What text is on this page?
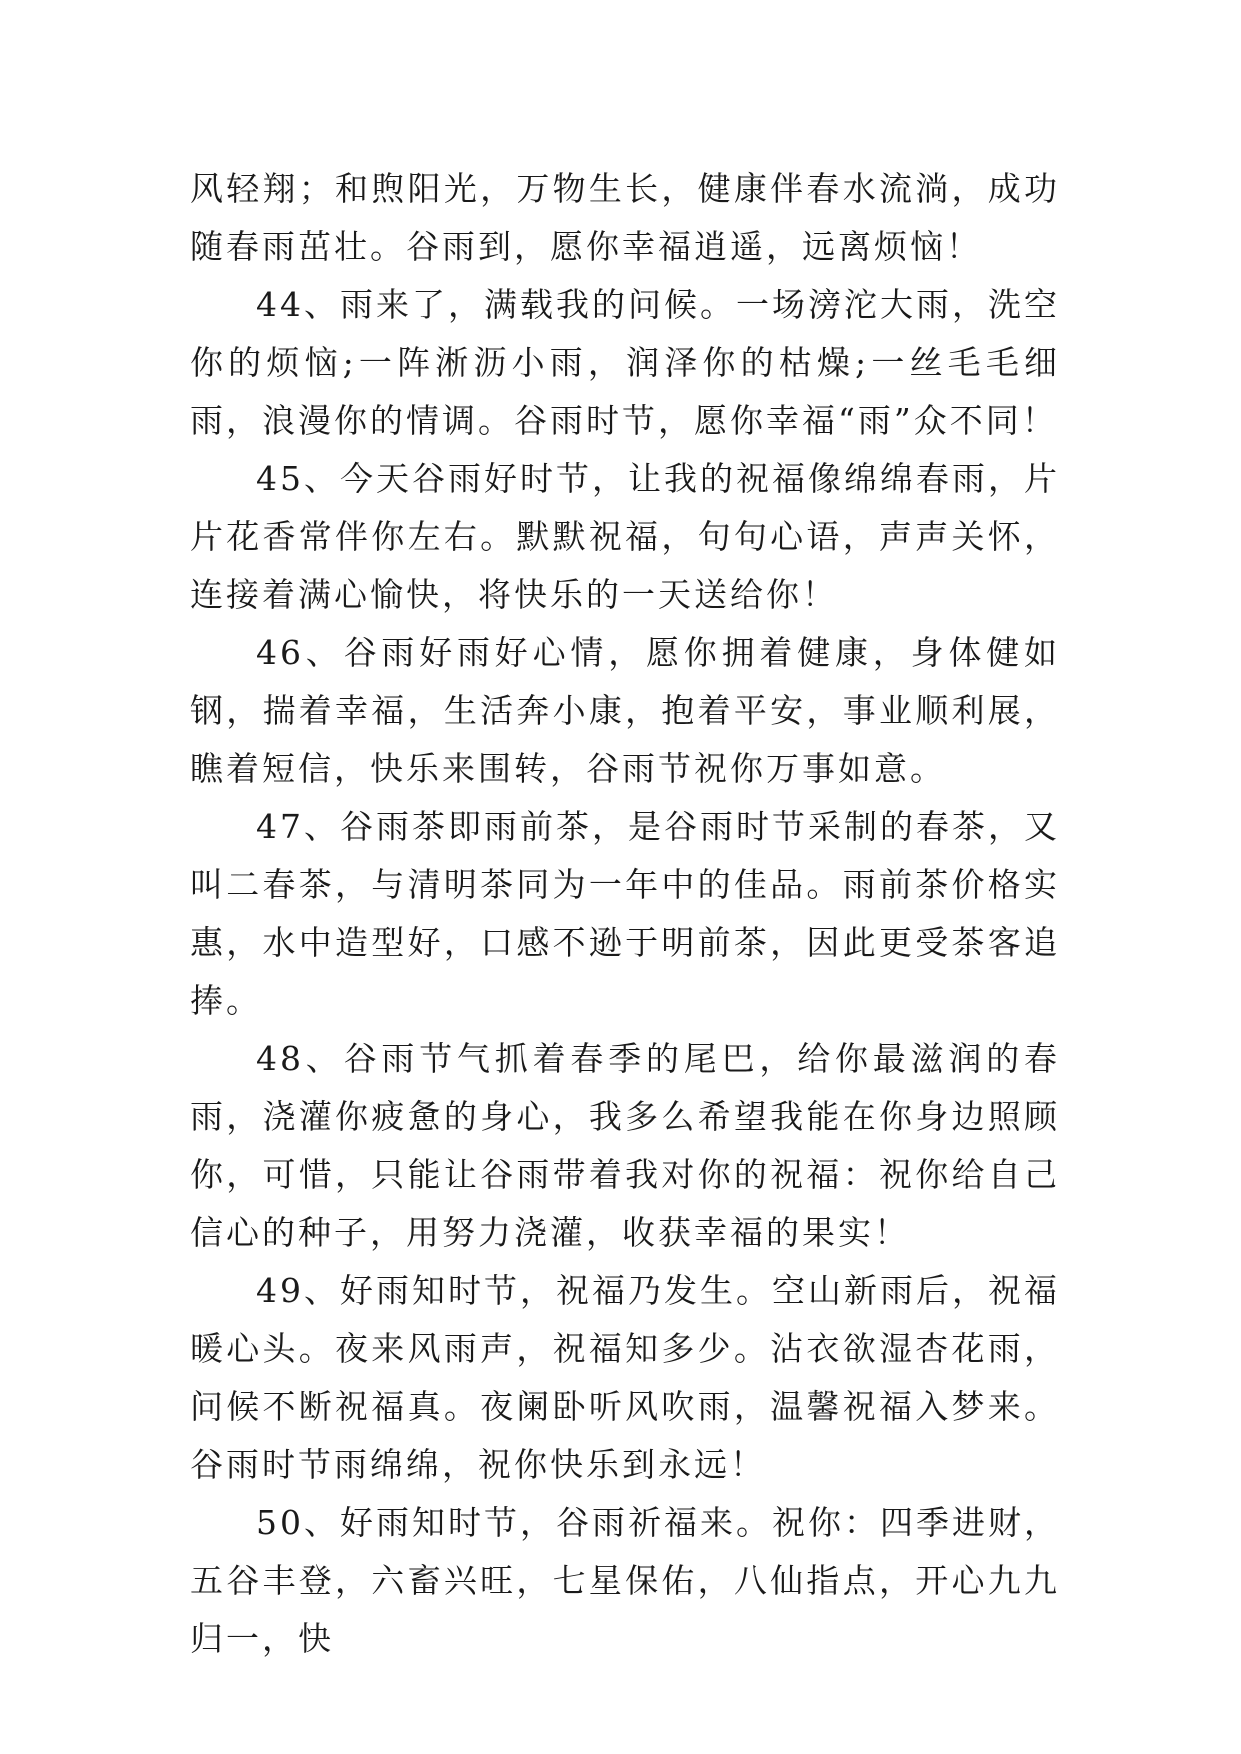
风轻翔；和煦阳光，万物生长，健康伴春水流淌，成功随春雨茁壮。谷雨到，愿你幸福逍遥，远离烦恼！

44、雨来了，满载我的问候。一场滂沱大雨，洗空你的烦恼;一阵淅沥小雨，润泽你的枯燥;一丝毛毛细雨，浪漫你的情调。谷雨时节，愿你幸福“雨”众不同！

45、今天谷雨好时节，让我的祝福像绵绵春雨，片片花香常伴你左右。默默祝福，句句心语，声声关怀，连接着满心愉快，将快乐的一天送给你！

46、谷雨好雨好心情，愿你拥着健康，身体健如钢，揣着幸福，生活奔小康，抱着平安，事业顺利展，瞧着短信，快乐来围转，谷雨节祝你万事如意。

47、谷雨茶即雨前茶，是谷雨时节采制的春茶，又叫二春茶，与清明茶同为一年中的佳品。雨前茶价格实惠，水中造型好，口感不逊于明前茶，因此更受茶客追捧。

48、谷雨节气抓着春季的尾巴，给你最滋润的春雨，浇灌你疲惫的身心，我多么希望我能在你身边照顾你，可惜，只能让谷雨带着我对你的祝福：祝你给自己信心的种子，用努力浇灌，收获幸福的果实！

49、好雨知时节，祝福乃发生。空山新雨后，祝福暖心头。夜来风雨声，祝福知多少。沾衣欲湿杏花雨，问候不断祝福真。夜阑卧听风吹雨，温馨祝福入梦来。谷雨时节雨绵绵，祝你快乐到永远！

50、好雨知时节，谷雨祈福来。祝你：四季进财，五谷丰登，六畜兴旺，七星保佑，八仙指点，开心九九归一，快
